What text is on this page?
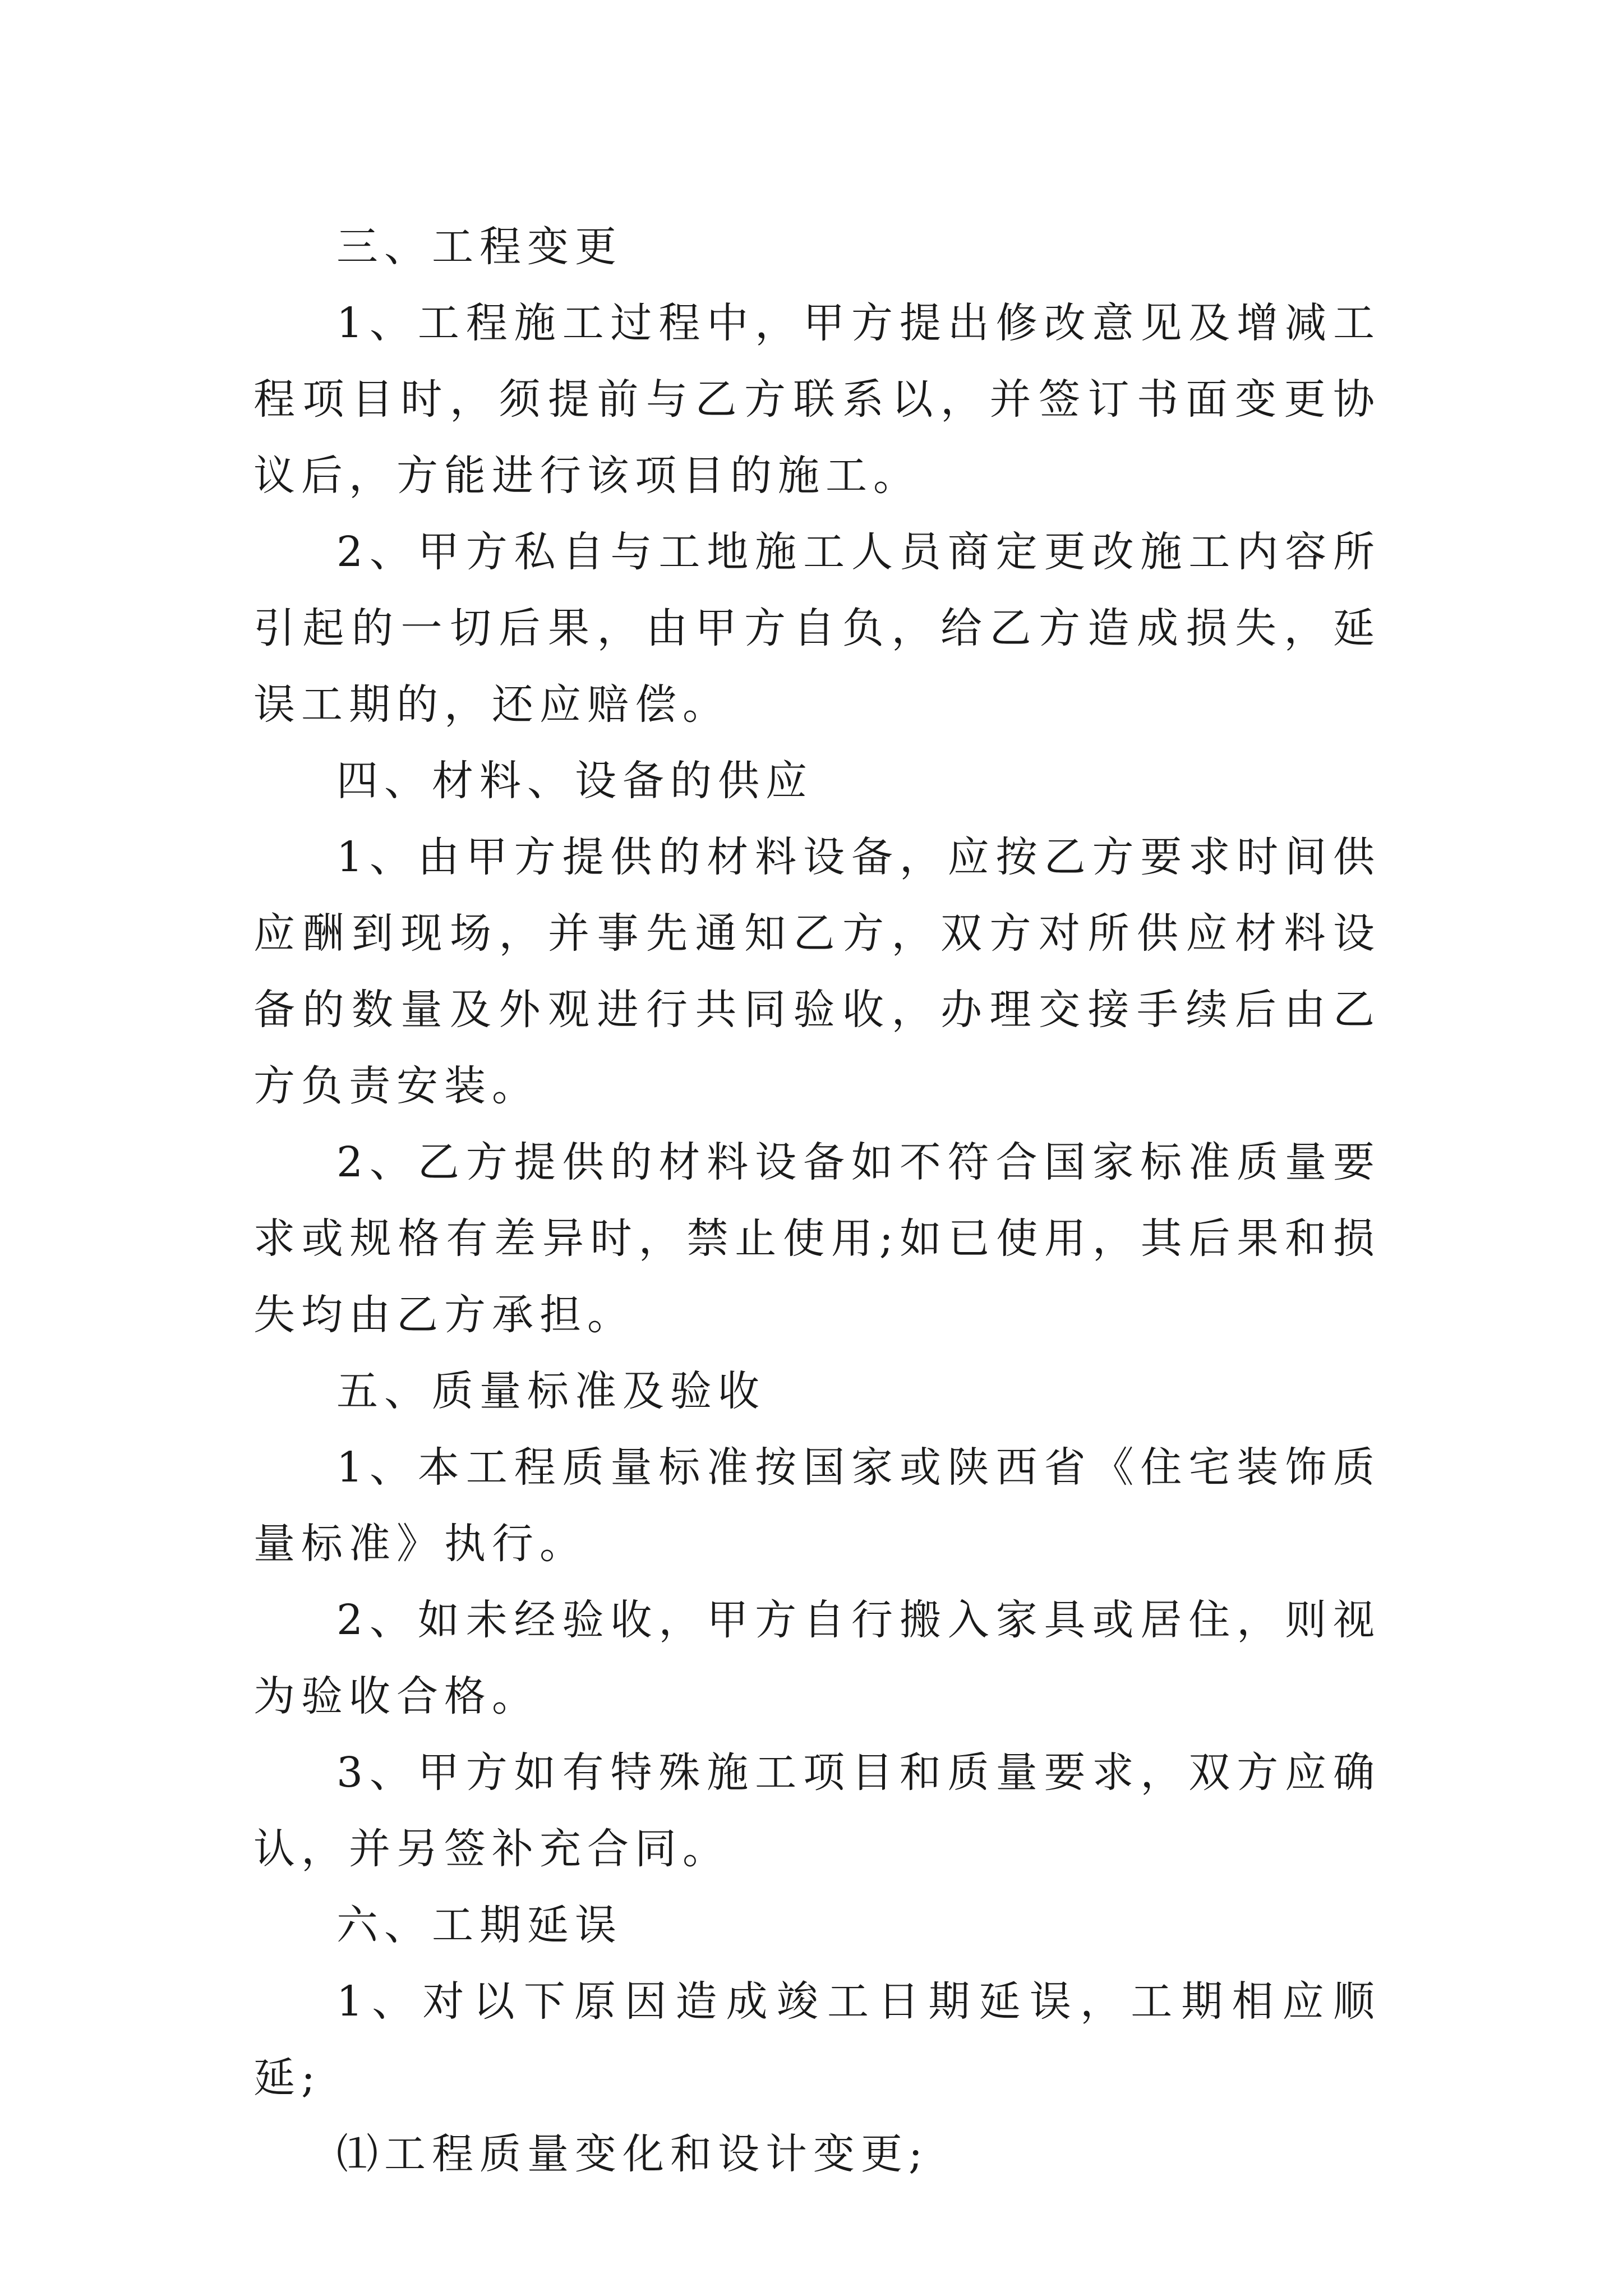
三、工程变更

1、工程施工过程中，甲方提出修改意见及增减工程项目时，须提前与乙方联系以，并签订书面变更协议后，方能进行该项目的施工。

2、甲方私自与工地施工人员商定更改施工内容所引起的一切后果，由甲方自负，给乙方造成损失，延误工期的，还应赔偿。

四、材料、设备的供应

1、由甲方提供的材料设备，应按乙方要求时间供应酬到现场，并事先通知乙方，双方对所供应材料设备的数量及外观进行共同验收，办理交接手续后由乙方负责安装。

2、乙方提供的材料设备如不符合国家标准质量要求或规格有差异时，禁止使用;如已使用，其后果和损失均由乙方承担。

五、质量标准及验收

1、本工程质量标准按国家或陕西省《住宅装饰质量标准》执行。

2、如未经验收，甲方自行搬入家具或居住，则视为验收合格。

3、甲方如有特殊施工项目和质量要求，双方应确认，并另签补充合同。

六、工期延误

1、对以下原因造成竣工日期延误，工期相应顺延;

⑴工程质量变化和设计变更;
